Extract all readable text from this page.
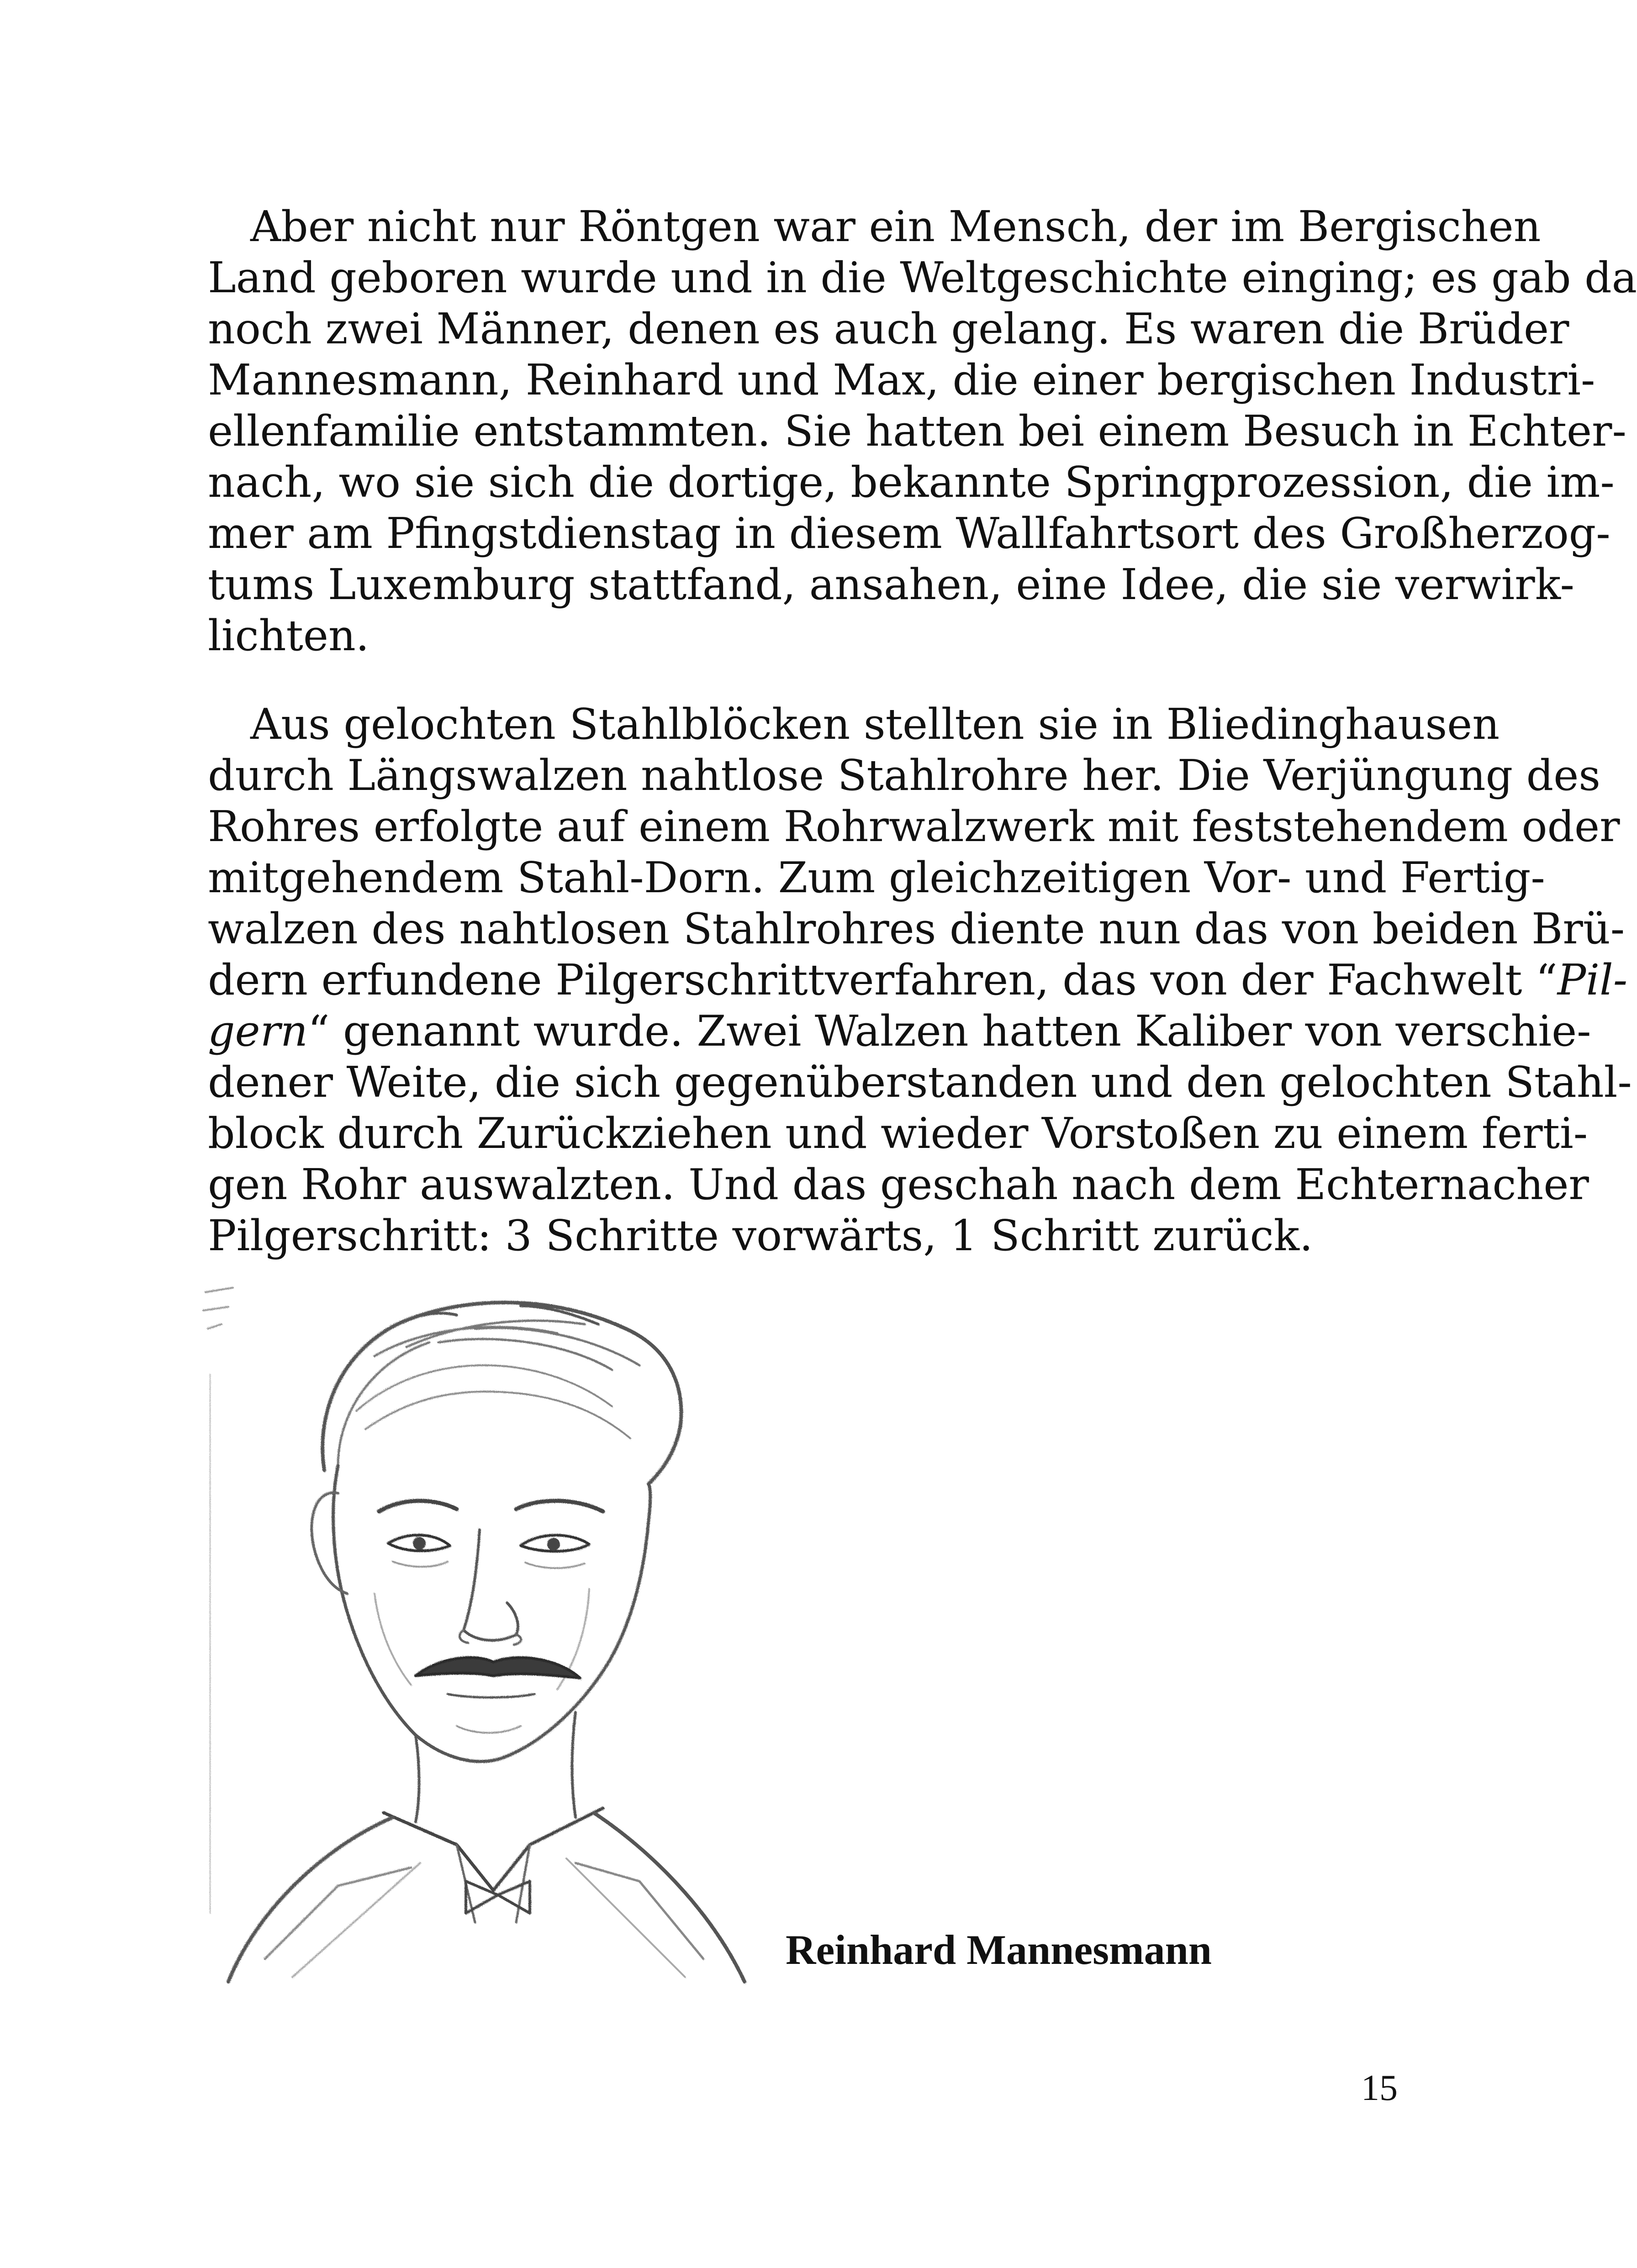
Aber nicht nur Röntgen war ein Mensch, der im Bergischen
Land geboren wurde und in die Weltgeschichte einging; es gab da
noch zwei Männer, denen es auch gelang. Es waren die Brüder
Mannesmann, Reinhard und Max, die einer bergischen Industri-
ellenfamilie entstammten. Sie hatten bei einem Besuch in Echter-
nach, wo sie sich die dortige, bekannte Springprozession, die im-
mer am Pfingstdienstag in diesem Wallfahrtsort des Großherzog-
tums Luxemburg stattfand, ansahen, eine Idee, die sie verwirk-
lichten.
Aus gelochten Stahlblöcken stellten sie in Bliedinghausen
durch Längswalzen nahtlose Stahlrohre her. Die Verjüngung des
Rohres erfolgte auf einem Rohrwalzwerk mit feststehendem oder
mitgehendem Stahl-Dorn. Zum gleichzeitigen Vor- und Fertig-
walzen des nahtlosen Stahlrohres diente nun das von beiden Brü-
dern erfundene Pilgerschrittverfahren, das von der Fachwelt “Pil-
gern“ genannt wurde. Zwei Walzen hatten Kaliber von verschie-
dener Weite, die sich gegenüberstanden und den gelochten Stahl-
block durch Zurückziehen und wieder Vorstoßen zu einem ferti-
gen Rohr auswalzten. Und das geschah nach dem Echternacher
Pilgerschritt: 3 Schritte vorwärts, 1 Schritt zurück.
Reinhard Mannesmann
15
